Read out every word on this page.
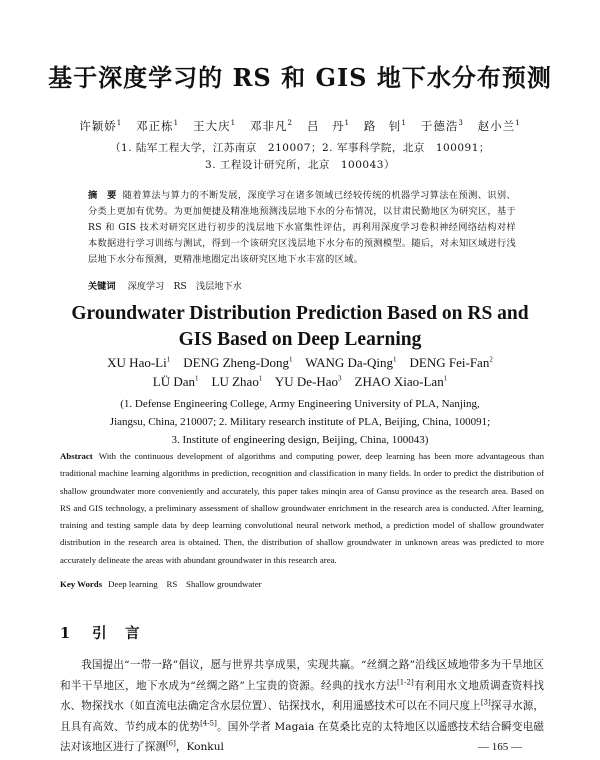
基于深度学习的 RS 和 GIS 地下水分布预测
许颖娇$^1$ 邓正栋$^1$ 王大庆$^1$ 邓非凡$^2$ 吕　丹$^1$ 路　钊$^1$ 于德浩$^3$ 赵小兰$^1$
（1. 陆军工程大学，江苏南京　210007；2. 军事科学院，北京　100091；
3. 工程设计研究所，北京　100043）
摘　要 随着算法与算力的不断发展，深度学习在诸多领域已经较传统的机器学习算法在预测、识别、分类上更加有优势。为更加便捷及精准地预测浅层地下水的分布情况，以甘肃民勤地区为研究区，基于 RS 和 GIS 技术对研究区进行初步的浅层地下水富集性评估，再利用深度学习卷积神经网络结构对样本数据进行学习训练与测试，得到一个该研究区浅层地下水分布的预测模型。随后，对未知区域进行浅层地下水分布预测，更精准地圈定出该研究区地下水丰富的区域。
关键词 深度学习　RS　浅层地下水
Groundwater Distribution Prediction Based on RS and
GIS Based on Deep Learning
XU Hao-Li$^1$ DENG Zheng-Dong$^1$ WANG Da-Qing$^1$ DENG Fei-Fan$^2$
LÜ Dan$^1$ LU Zhao$^1$ YU De-Hao$^3$ ZHAO Xiao-Lan$^1$
(1. Defense Engineering College, Army Engineering University of PLA, Nanjing,
Jiangsu, China, 210007; 2. Military research institute of PLA, Beijing, China, 100091;
3. Institute of engineering design, Beijing, China, 100043)
Abstract With the continuous development of algorithms and computing power, deep learning has been more advantageous than traditional machine learning algorithms in prediction, recognition and classification in many fields. In order to predict the distribution of shallow groundwater more conveniently and accurately, this paper takes minqin area of Gansu province as the research area. Based on RS and GIS technology, a preliminary assessment of shallow groundwater enrichment in the research area is conducted. After learning, training and testing sample data by deep learning convolutional neural network method, a prediction model of shallow groundwater distribution in the research area is obtained. Then, the distribution of shallow groundwater in unknown areas was predicted to more accurately delineate the areas with abundant groundwater in this research area.
Key Words Deep learning　RS　Shallow groundwater
1 引　言

我国提出“一带一路”倡议，愿与世界共享成果，实现共赢。“丝绸之路”沿线区域地带多为干旱地区和半干旱地区，地下水成为“丝绸之路”上宝贵的资源。经典的找水方法[1-2]有利用水文地质调查资料找水、物探找水（如直流电法确定含水层位置）、钻探找水，利用遥感技术可以在不同尺度上[3]探寻水源，且具有高效、节约成本的优势[4-5]。国外学者 Magaia 在莫桑比克的太特地区以遥感技术结合瞬变电磁法对该地区进行了探测[6]，Konkul	— 165 —
